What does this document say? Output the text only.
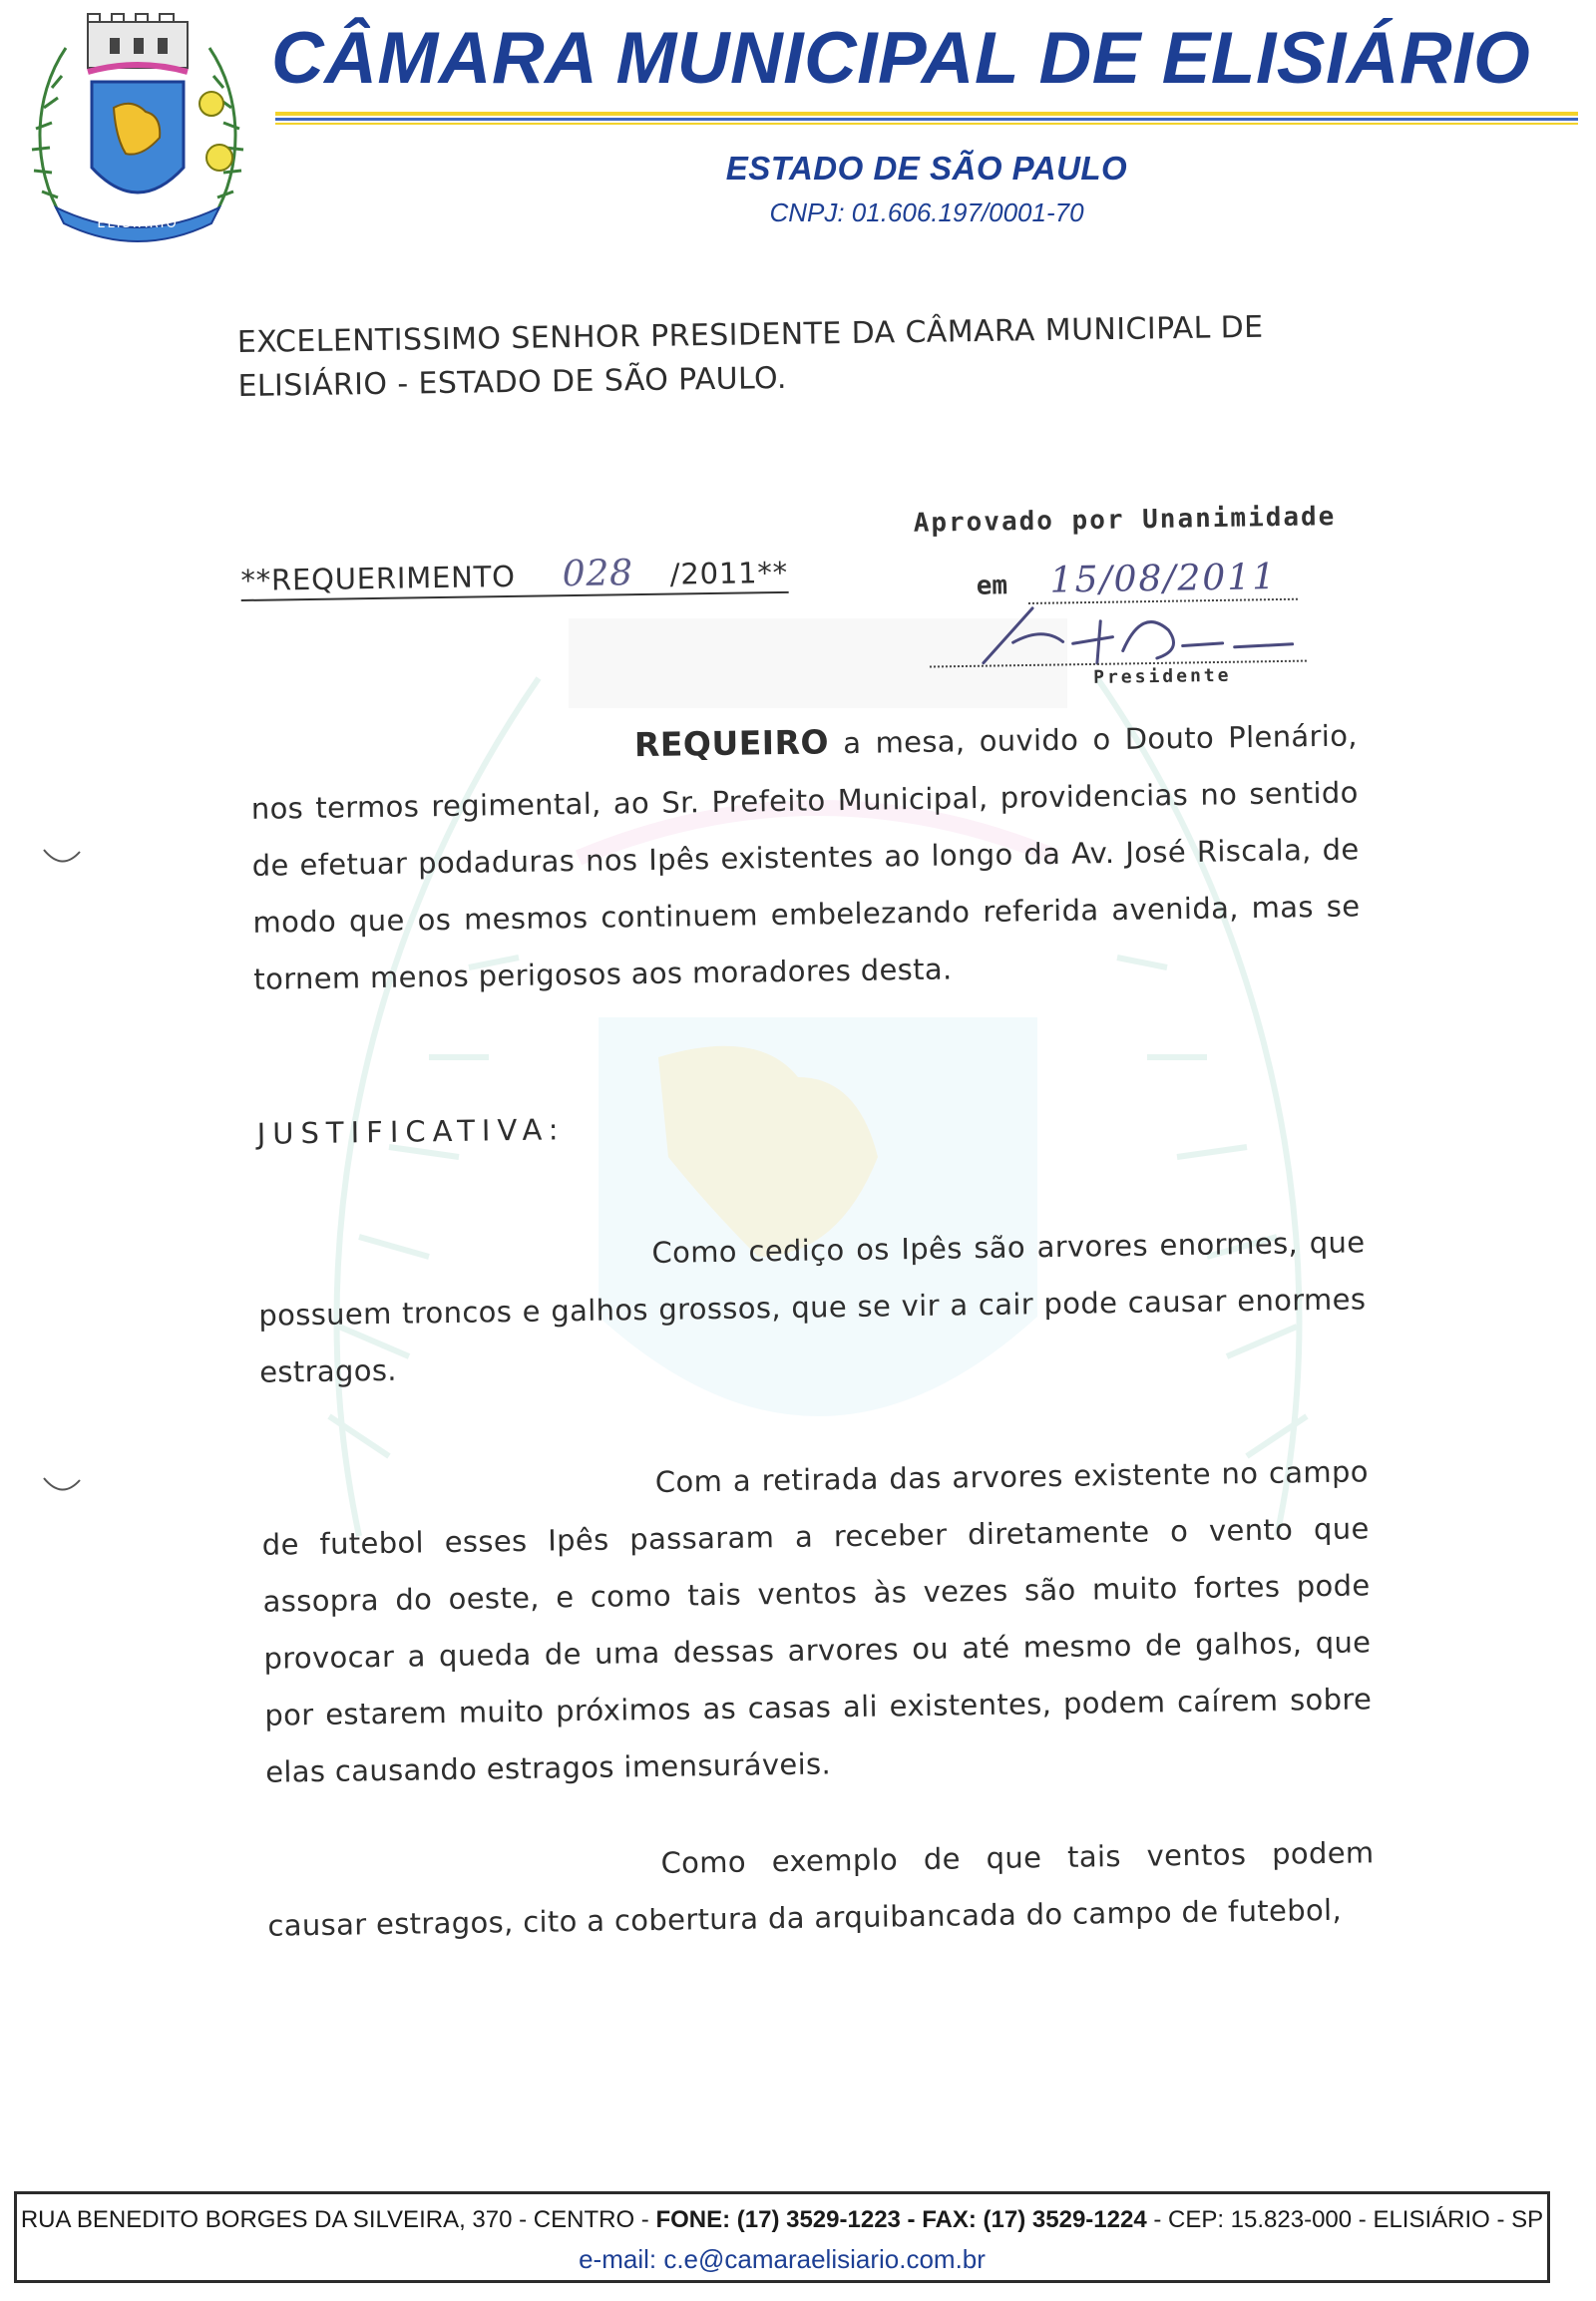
ELISIÁRIO
CÂMARA MUNICIPAL DE ELISIÁRIO
ESTADO DE SÃO PAULO
CNPJ: 01.606.197/0001-70
EXCELENTISSIMO SENHOR PRESIDENTE DA CÂMARA MUNICIPAL DE ELISIÁRIO - ESTADO DE SÃO PAULO.
**REQUERIMENTO 028 /2011**
REQUEIRO a mesa, ouvido o Douto Plenário, nos termos regimental, ao Sr. Prefeito Municipal, providencias no sentido de efetuar podaduras nos Ipês existentes ao longo da Av. José Riscala, de modo que os mesmos continuem embelezando referida avenida, mas se tornem menos perigosos aos moradores desta.
JUSTIFICATIVA:
Como cediço os Ipês são arvores enormes, que possuem troncos e galhos grossos, que se vir a cair pode causar enormes estragos.
Com a retirada das arvores existente no campo de futebol esses Ipês passaram a receber diretamente o vento que assopra do oeste, e como tais ventos às vezes são muito fortes pode provocar a queda de uma dessas arvores ou até mesmo de galhos, que por estarem muito próximos as casas ali existentes, podem caírem sobre elas causando estragos imensuráveis.
Como exemplo de que tais ventos podem causar estragos, cito a cobertura da arquibancada do campo de futebol,
Aprovado por Unanimidade
em 15/08/2011
Presidente
RUA BENEDITO BORGES DA SILVEIRA, 370 - CENTRO - FONE: (17) 3529-1223 - FAX: (17) 3529-1224 - CEP: 15.823-000 - ELISIÁRIO - SP
e-mail: c.e@camaraelisiario.com.br
